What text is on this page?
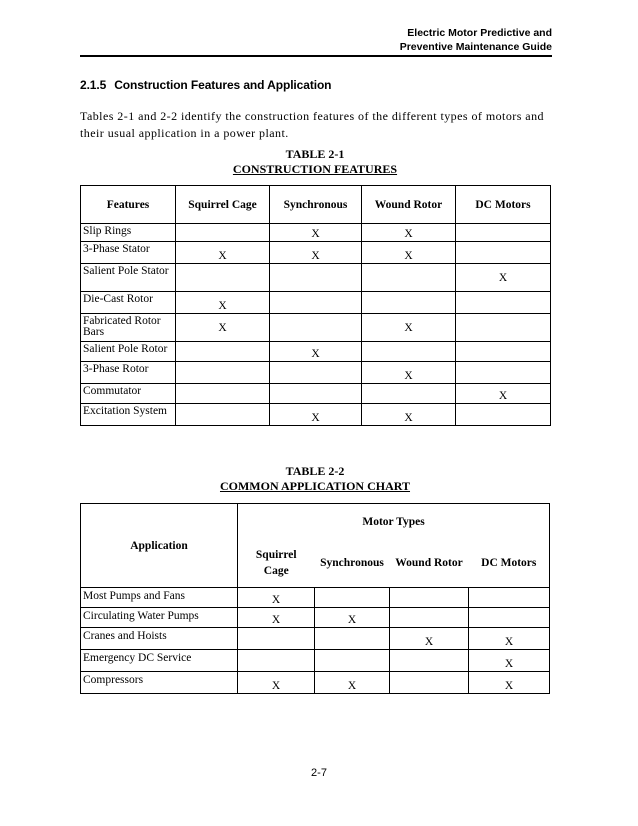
Electric Motor Predictive and
Preventive Maintenance Guide
2.1.5 Construction Features and Application
Tables 2-1 and 2-2 identify the construction features of the different types of motors and their usual application in a power plant.
TABLE 2-1
CONSTRUCTION FEATURES
Features	Squirrel Cage	Synchronous	Wound Rotor	DC Motors
Slip Rings		X	X	
3-Phase Stator	X	X	X	
Salient Pole Stator				X
Die-Cast Rotor	X			
Fabricated Rotor Bars	X		X	
Salient Pole Rotor		X		
3-Phase Rotor			X	
Commutator				X
Excitation System		X	X	
TABLE 2-2
COMMON APPLICATION CHART
Application	Motor Types			
	Squirrel Cage	Synchronous	Wound Rotor	DC Motors
Most Pumps and Fans	X			
Circulating Water Pumps	X	X		
Cranes and Hoists			X	X
Emergency DC Service				X
Compressors	X	X		X
2-7
